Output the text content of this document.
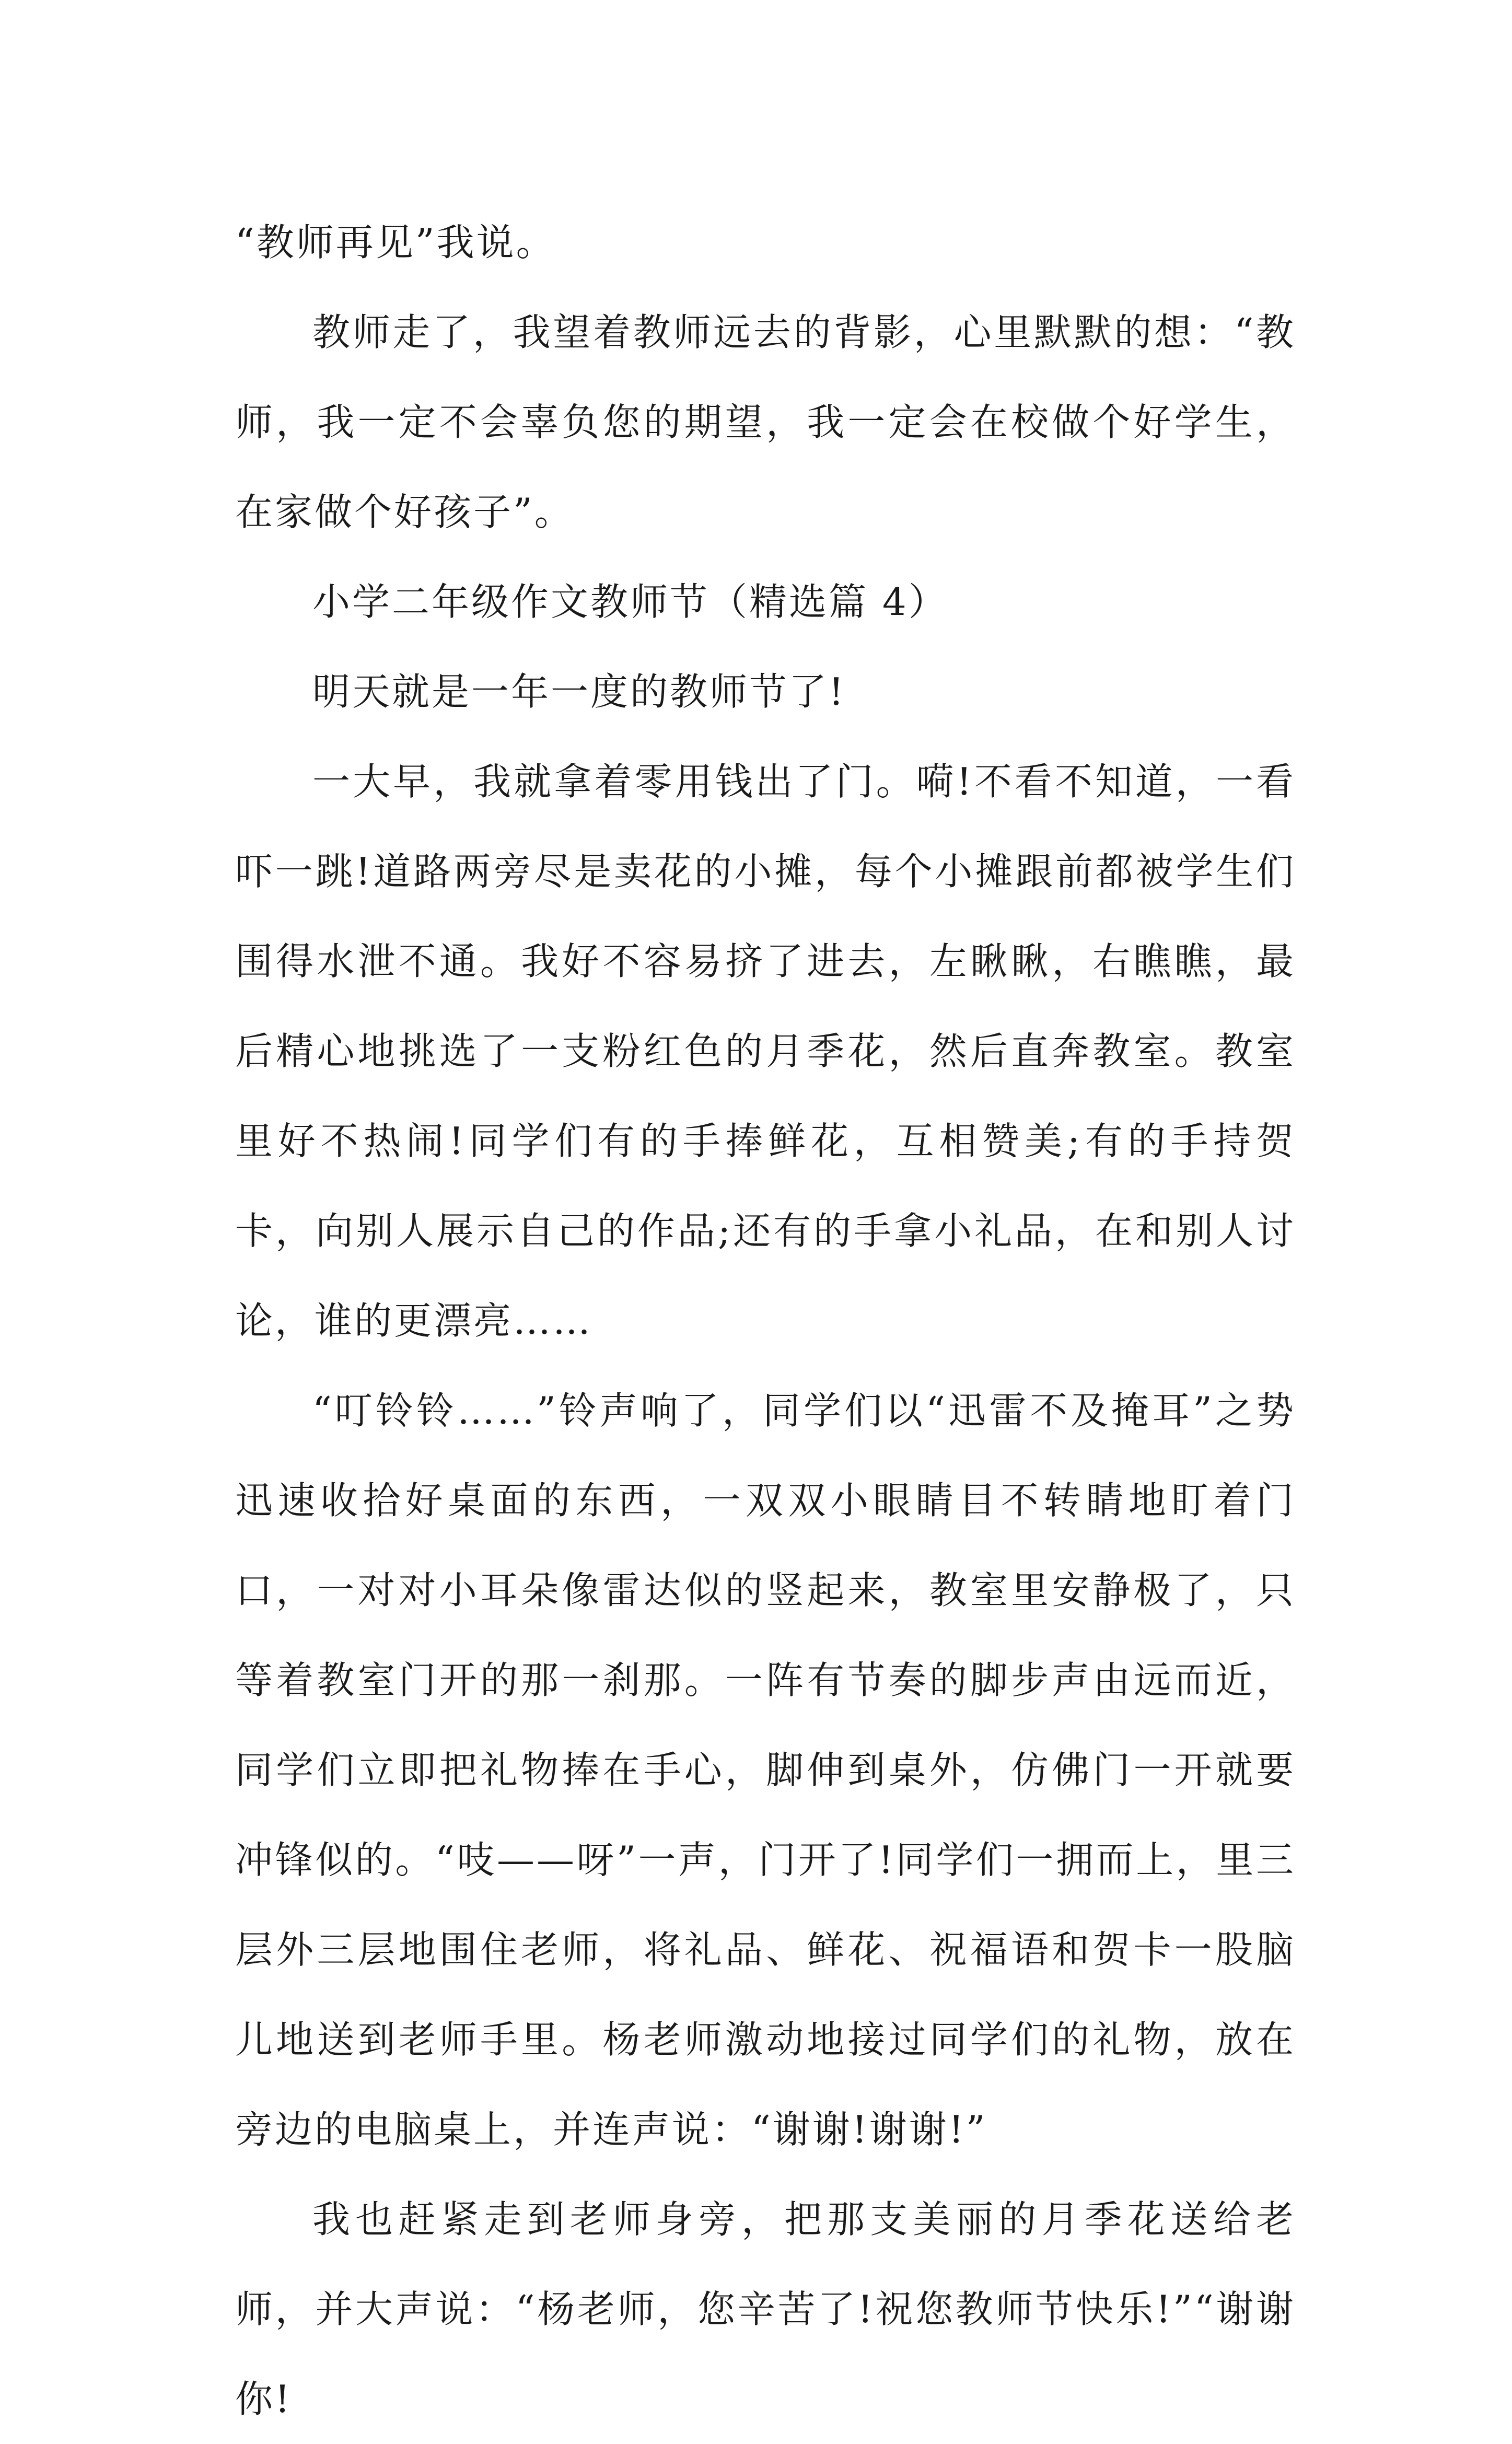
“教师再见”我说。

教师走了，我望着教师远去的背影，心里默默的想：“教师，我一定不会辜负您的期望，我一定会在校做个好学生，在家做个好孩子”。

小学二年级作文教师节（精选篇 4）

明天就是一年一度的教师节了!

一大早，我就拿着零用钱出了门。嗬!不看不知道，一看吓一跳!道路两旁尽是卖花的小摊，每个小摊跟前都被学生们围得水泄不通。我好不容易挤了进去，左瞅瞅，右瞧瞧，最后精心地挑选了一支粉红色的月季花，然后直奔教室。教室里好不热闹!同学们有的手捧鲜花，互相赞美;有的手持贺卡，向别人展示自己的作品;还有的手拿小礼品，在和别人讨论，谁的更漂亮……

“叮铃铃……”铃声响了，同学们以“迅雷不及掩耳”之势迅速收拾好桌面的东西，一双双小眼睛目不转睛地盯着门口，一对对小耳朵像雷达似的竖起来，教室里安静极了，只等着教室门开的那一刹那。一阵有节奏的脚步声由远而近，同学们立即把礼物捧在手心，脚伸到桌外，仿佛门一开就要冲锋似的。“吱——呀”一声，门开了!同学们一拥而上，里三层外三层地围住老师，将礼品、鲜花、祝福语和贺卡一股脑儿地送到老师手里。杨老师激动地接过同学们的礼物，放在旁边的电脑桌上，并连声说：“谢谢!谢谢!”

我也赶紧走到老师身旁，把那支美丽的月季花送给老师，并大声说：“杨老师，您辛苦了!祝您教师节快乐!”“谢谢你!
